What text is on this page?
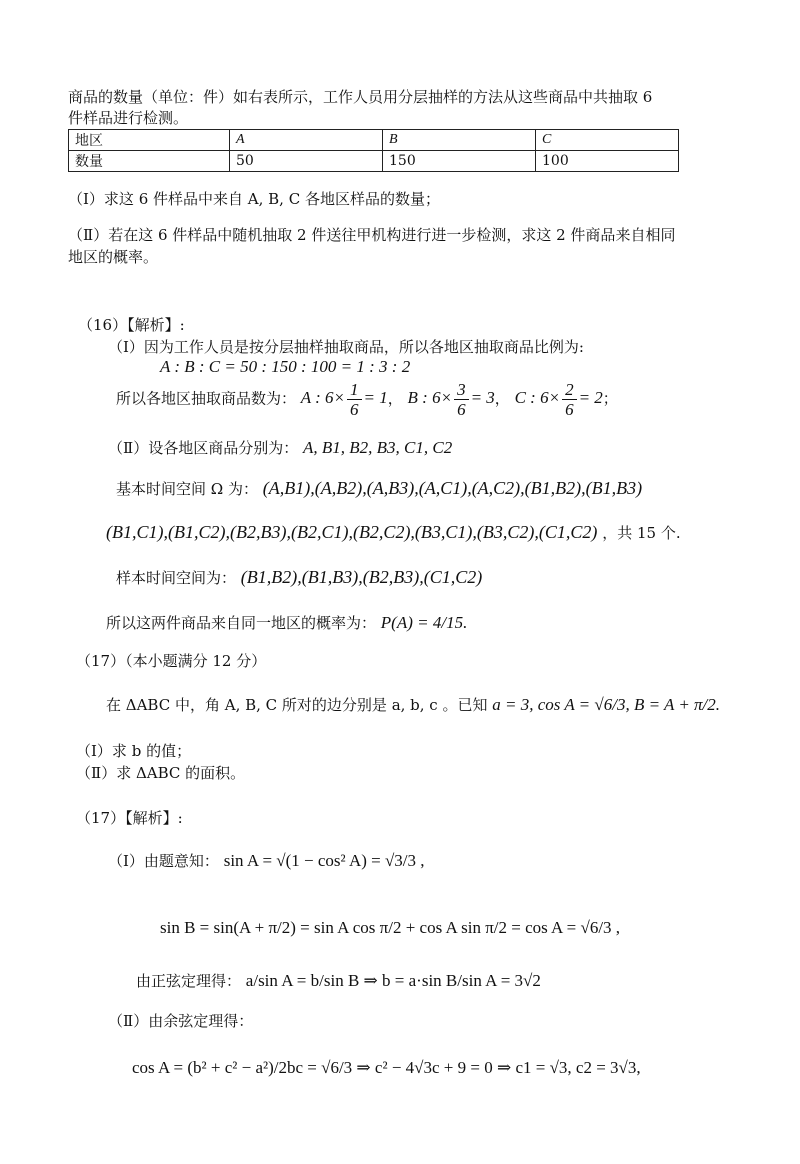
商品的数量（单位：件）如右表所示，工作人员用分层抽样的方法从这些商品中共抽取 6
件样品进行检测。
地区	A	B	C
数量	50	150	100
（Ⅰ）求这 6 件样品中来自 A, B, C 各地区样品的数量；
（Ⅱ）若在这 6 件样品中随机抽取 2 件送往甲机构进行进一步检测，求这 2 件商品来自相同
地区的概率。
（16）【解析】:
（Ⅰ）因为工作人员是按分层抽样抽取商品，所以各地区抽取商品比例为:
A : B : C = 50 : 150 : 100 = 1 : 3 : 2
所以各地区抽取商品数为： A : $6\times \frac{1}{6} = 1$， B : $6\times \frac{3}{6} = 3$， C : $6\times \frac{2}{6} = 2$；
（Ⅱ）设各地区商品分别为： A, B1, B2, B3, C1, C2
基本时间空间 Ω 为： (A,B1),(A,B2),(A,B3),(A,C1),(A,C2),(B1,B2),(B1,B3)
(B1,C1),(B1,C2),(B2,B3),(B2,C1),(B2,C2),(B3,C1),(B3,C2),(C1,C2) ，共 15 个.
样本时间空间为： (B1,B2),(B1,B3),(B2,B3),(C1,C2)
所以这两件商品来自同一地区的概率为： P(A) = 4/15.
（17）（本小题满分 12 分）
在 ΔABC 中，角 A, B, C 所对的边分别是 a, b, c 。已知 a = 3, cos A = √6/3, B = A + π/2.
（Ⅰ）求 b 的值；
（Ⅱ）求 ΔABC 的面积。
（17）【解析】:
（Ⅰ）由题意知： sin A = √(1 − cos² A) = √3/3 ,
sin B = sin(A + π/2) = sin A cos π/2 + cos A sin π/2 = cos A = √6/3 ,
由正弦定理得： a/sin A = b/sin B ⇒ b = a·sin B/sin A = 3√2
（Ⅱ）由余弦定理得：
cos A = (b² + c² − a²)/2bc = √6/3 ⇒ c² − 4√3c + 9 = 0 ⇒ c1 = √3, c2 = 3√3,
